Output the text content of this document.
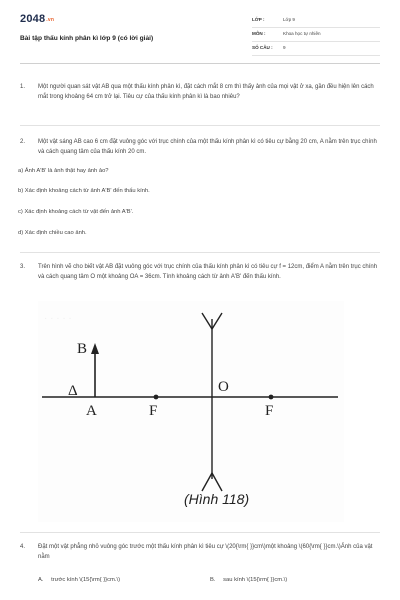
2048.vn
Bài tập thấu kính phân kì lớp 9 (có lời giải)
LỚP :	Lớp 9
MÔN :	Khoa học tự nhiên
SỐ CÂU : 9
1.	Một người quan sát vật AB qua một thấu kính phân kì, đặt cách mắt 8 cm thì thấy ảnh của mọi vật ở xa, gần đều hiện lên cách mắt trong khoảng 64 cm trở lại. Tiêu cự của thấu kính phân kì là bao nhiêu?
2.	Một vật sáng AB cao 6 cm đặt vuông góc với trục chính của một thấu kính phân kì có tiêu cự bằng 20 cm, A nằm trên trục chính và cách quang tâm của thấu kính 20 cm.
a) Ảnh A'B' là ảnh thật hay ảnh ảo?
b) Xác định khoảng cách từ ảnh A'B' đến thấu kính.
c) Xác định khoảng cách từ vật đến ảnh A'B'.
d) Xác định chiều cao ảnh.
3.	Trên hình vẽ cho biết vật AB đặt vuông góc với trục chính của thấu kính phân kì có tiêu cự f = 12cm, điểm A nằm trên trục chính và cách quang tâm O một khoảng OA = 36cm. Tính khoảng cách từ ảnh A'B' đến thấu kính.
· · · · ·
B
Δ
A	F
O
F
(Hình 118)
4.	Đặt một vật phẳng nhỏ vuông góc trước một thấu kính phân kì tiêu cự \(20{\rm{ }}cm\)một khoảng \(60{\rm{ }}cm.\)Ảnh của vật nằm
A. trước kính \(15{\rm{ }}cm.\)	B. sau kính \(15{\rm{ }}cm.\)
